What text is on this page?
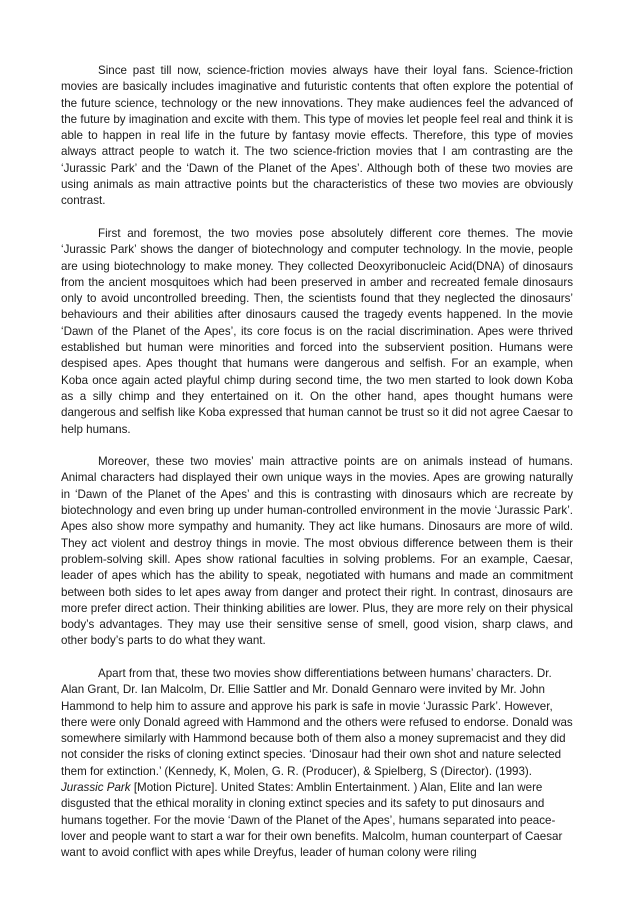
Since past till now, science-friction movies always have their loyal fans. Science-friction movies are basically includes imaginative and futuristic contents that often explore the potential of the future science, technology or the new innovations. They make audiences feel the advanced of the future by imagination and excite with them. This type of movies let people feel real and think it is able to happen in real life in the future by fantasy movie effects. Therefore, this type of movies always attract people to watch it. The two science-friction movies that I am contrasting are the ‘Jurassic Park’ and the ‘Dawn of the Planet of the Apes’. Although both of these two movies are using animals as main attractive points but the characteristics of these two movies are obviously contrast.

First and foremost, the two movies pose absolutely different core themes. The movie ‘Jurassic Park’ shows the danger of biotechnology and computer technology. In the movie, people are using biotechnology to make money. They collected Deoxyribonucleic Acid(DNA) of dinosaurs from the ancient mosquitoes which had been preserved in amber and recreated female dinosaurs only to avoid uncontrolled breeding. Then, the scientists found that they neglected the dinosaurs’ behaviours and their abilities after dinosaurs caused the tragedy events happened. In the movie ‘Dawn of the Planet of the Apes’, its core focus is on the racial discrimination. Apes were thrived established but human were minorities and forced into the subservient position. Humans were despised apes. Apes thought that humans were dangerous and selfish. For an example, when Koba once again acted playful chimp during second time, the two men started to look down Koba as a silly chimp and they entertained on it. On the other hand, apes thought humans were dangerous and selfish like Koba expressed that human cannot be trust so it did not agree Caesar to help humans.

Moreover, these two movies’ main attractive points are on animals instead of humans. Animal characters had displayed their own unique ways in the movies. Apes are growing naturally in ‘Dawn of the Planet of the Apes’ and this is contrasting with dinosaurs which are recreate by biotechnology and even bring up under human-controlled environment in the movie ‘Jurassic Park’. Apes also show more sympathy and humanity. They act like humans. Dinosaurs are more of wild. They act violent and destroy things in movie. The most obvious difference between them is their problem-solving skill. Apes show rational faculties in solving problems. For an example, Caesar, leader of apes which has the ability to speak, negotiated with humans and made an commitment between both sides to let apes away from danger and protect their right. In contrast, dinosaurs are more prefer direct action. Their thinking abilities are lower. Plus, they are more rely on their physical body’s advantages. They may use their sensitive sense of smell, good vision, sharp claws, and other body’s parts to do what they want.

Apart from that, these two movies show differentiations between humans’ characters. Dr. Alan Grant, Dr. Ian Malcolm, Dr. Ellie Sattler and Mr. Donald Gennaro were invited by Mr. John Hammond to help him to assure and approve his park is safe in movie ‘Jurassic Park’. However, there were only Donald agreed with Hammond and the others were refused to endorse. Donald was somewhere similarly with Hammond because both of them also a money supremacist and they did not consider the risks of cloning extinct species. ‘Dinosaur had their own shot and nature selected them for extinction.’ (Kennedy, K, Molen, G. R. (Producer), & Spielberg, S (Director). (1993). Jurassic Park [Motion Picture]. United States: Amblin Entertainment. ) Alan, Elite and Ian were disgusted that the ethical morality in cloning extinct species and its safety to put dinosaurs and humans together. For the movie ‘Dawn of the Planet of the Apes’, humans separated into peace-lover and people want to start a war for their own benefits. Malcolm, human counterpart of Caesar want to avoid conflict with apes while Dreyfus, leader of human colony were riling
